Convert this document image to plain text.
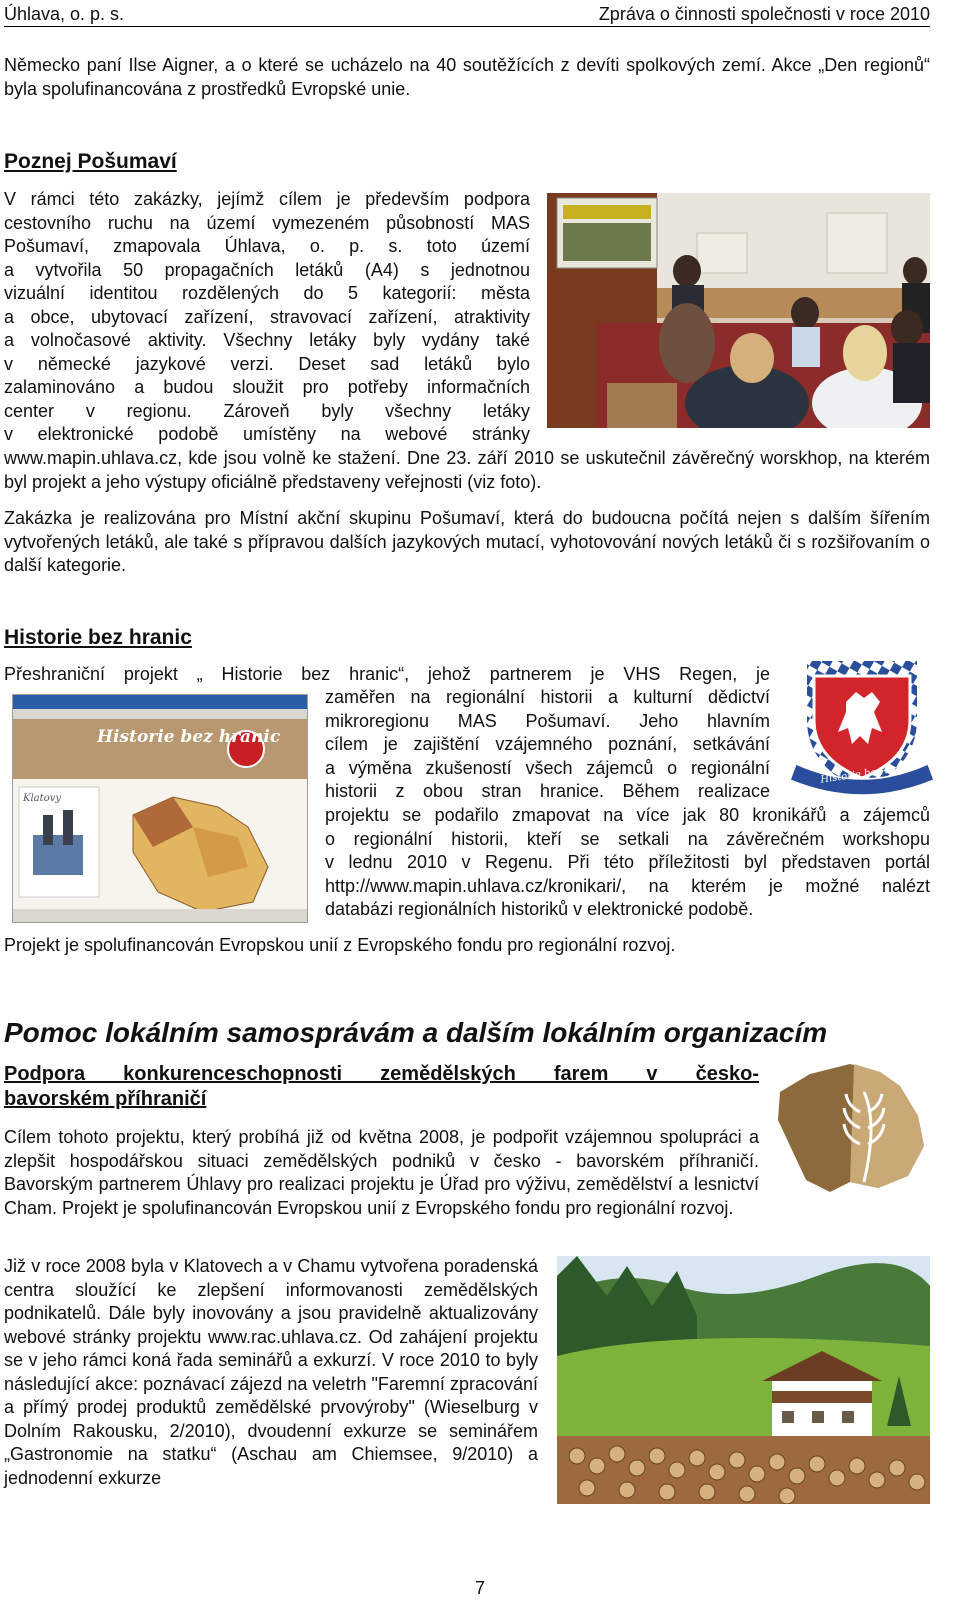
Úhlava, o. p. s.	Zpráva o činnosti společnosti v roce 2010
Německo paní Ilse Aigner, a o které se ucházelo na 40 soutěžících z devíti spolkových zemí. Akce „Den regionů“ byla spolufinancována z prostředků Evropské unie.
Poznej Pošumaví
V rámci této zakázky, jejímž cílem je především podpora
cestovního ruchu na území vymezeném působností MAS
Pošumaví, zmapovala Úhlava, o. p. s. toto území
a vytvořila 50 propagačních letáků (A4) s jednotnou
vizuální identitou rozdělených do 5 kategorií: města
a obce, ubytovací zařízení, stravovací zařízení, atraktivity
a volnočasové aktivity. Všechny letáky byly vydány také
v německé jazykové verzi. Deset sad letáků bylo
zalaminováno a budou sloužit pro potřeby informačních
center v regionu. Zároveň byly všechny letáky
v elektronické podobě umístěny na webové stránky
www.mapin.uhlava.cz, kde jsou volně ke stažení. Dne 23. září 2010 se uskutečnil závěrečný worskhop, na kterém byl projekt a jeho výstupy oficiálně představeny veřejnosti (viz foto).
Zakázka je realizována pro Místní akční skupinu Pošumaví, která do budoucna počítá nejen s dalším šířením vytvořených letáků, ale také s přípravou dalších jazykových mutací, vyhotovování nových letáků či s rozšiřovaním o další kategorie.
Historie bez hranic
Přeshraniční projekt „ Historie bez hranic“, jehož partnerem je VHS Regen, je
Historie bez hranic
Klatovy
zaměřen na regionální historii a kulturní dědictví
mikroregionu MAS Pošumaví. Jeho hlavním
cílem je zajištění vzájemného poznání, setkávání
a výměna zkušeností všech zájemců o regionální
historii z obou stran hranice. Během realizace
Historie bez hranic
projektu se podařilo zmapovat na více jak 80 kronikářů a zájemců
o regionální historii, kteří se setkali na závěrečném workshopu
v lednu 2010 v Regenu. Při této příležitosti byl představen portál
http://www.mapin.uhlava.cz/kronikari/, na kterém je možné nalézt
databázi regionálních historiků v elektronické podobě.
Projekt je spolufinancován Evropskou unií z Evropského fondu pro regionální rozvoj.
Pomoc lokálním samosprávám a dalším lokálním organizacím
Podpora konkurenceschopnosti zemědělských farem v česko-
bavorském příhraničí
Cílem tohoto projektu, který probíhá již od května 2008, je podpořit vzájemnou spolupráci a zlepšit hospodářskou situaci zemědělských podniků v česko - bavorském příhraničí. Bavorským partnerem Úhlavy pro realizaci projektu je Úřad pro výživu, zemědělství a lesnictví Cham. Projekt je spolufinancován Evropskou unií z Evropského fondu pro regionální rozvoj.
Již v roce 2008 byla v Klatovech a v Chamu vytvořena poradenská centra sloužící ke zlepšení informovanosti zemědělských podnikatelů. Dále byly inovovány a jsou pravidelně aktualizovány webové stránky projektu www.rac.uhlava.cz. Od zahájení projektu se v jeho rámci koná řada seminářů a exkurzí. V roce 2010 to byly následující akce: poznávací zájezd na veletrh "Faremní zpracování a přímý prodej produktů zemědělské prvovýroby" (Wieselburg v Dolním Rakousku, 2/2010), dvoudenní exkurze se seminářem „Gastronomie na statku“ (Aschau am Chiemsee, 9/2010) a jednodenní exkurze
7
